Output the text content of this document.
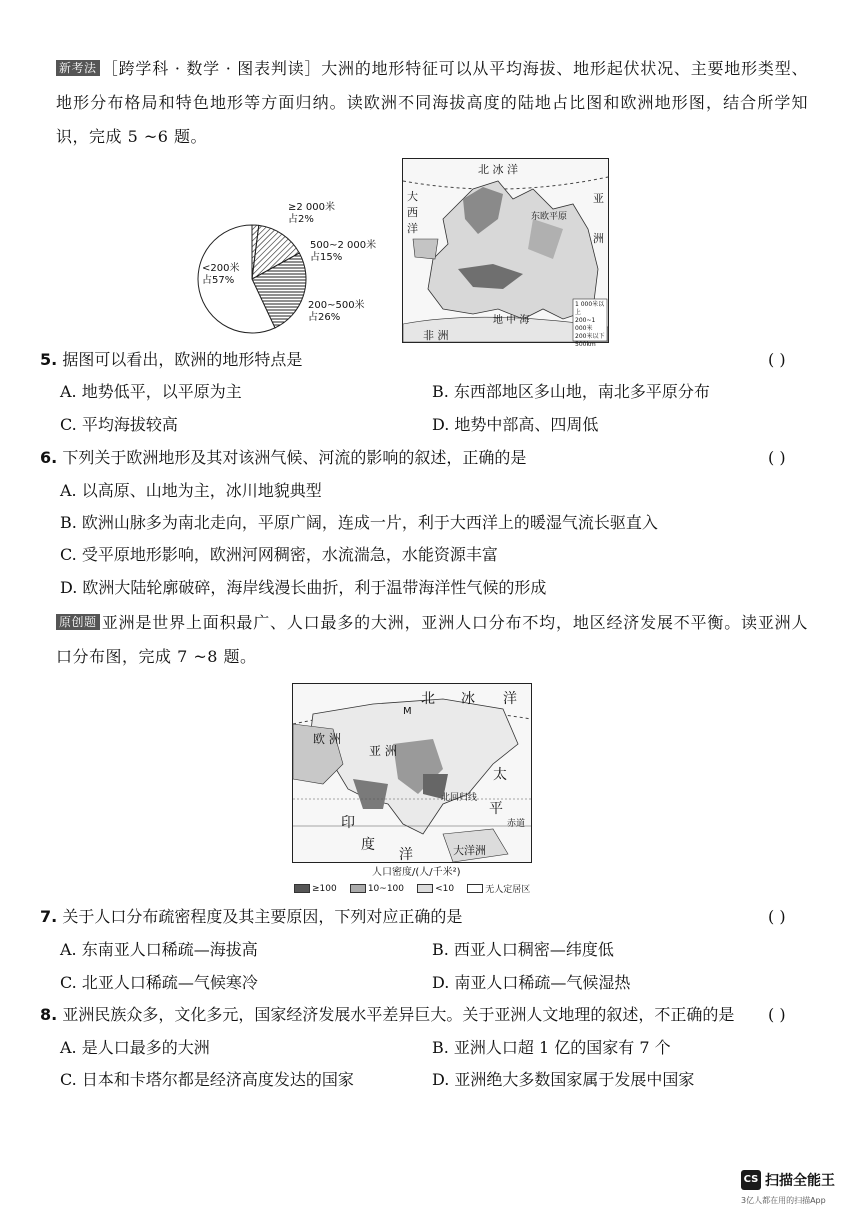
新考法 ［跨学科 · 数学 · 图表判读］大洲的地形特征可以从平均海拔、地形起伏状况、主要地形类型、地形分布格局和特色地形等方面归纳。读欧洲不同海拔高度的陆地占比图和欧洲地形图，结合所学知识，完成 5 ~6 题。
≥2 000米
占2%
500~2 000米
占15%
200~500米
占26%
<200米
占57%
北 冰 洋
大西洋
亚洲
东欧平原
地 中 海
非 洲
1 000米以上
200~1 000米
200米以下
500km
5. 据图可以看出，欧洲的地形特点是	( )
A. 地势低平，以平原为主	B. 东西部地区多山地，南北多平原分布
C. 平均海拔较高	D. 地势中部高、四周低
6. 下列关于欧洲地形及其对该洲气候、河流的影响的叙述，正确的是	( )
A. 以高原、山地为主，冰川地貌典型
B. 欧洲山脉多为南北走向，平原广阔，连成一片，利于大西洋上的暖湿气流长驱直入
C. 受平原地形影响，欧洲河网稠密，水流湍急，水能资源丰富
D. 欧洲大陆轮廓破碎，海岸线漫长曲折，利于温带海洋性气候的形成
原创题 亚洲是世界上面积最广、人口最多的大洲，亚洲人口分布不均，地区经济发展不平衡。读亚洲人口分布图，完成 7 ~8 题。
北 冰 洋
M
欧 洲
亚 洲
太
北回归线
平
印	赤道
度
洋	大洋洲
人口密度/(人/千米²)
≥100
	10~100
	<10
	无人定居区
7. 关于人口分布疏密程度及其主要原因，下列对应正确的是	( )
A. 东南亚人口稀疏—海拔高	B. 西亚人口稠密—纬度低
C. 北亚人口稀疏—气候寒冷	D. 南亚人口稀疏—气候湿热
8. 亚洲民族众多，文化多元，国家经济发展水平差异巨大。关于亚洲人文地理的叙述，不正确的是 ( )
A. 是人口最多的大洲	B. 亚洲人口超 1 亿的国家有 7 个
C. 日本和卡塔尔都是经济高度发达的国家	D. 亚洲绝大多数国家属于发展中国家
CS 扫描全能王
3亿人都在用的扫描App
